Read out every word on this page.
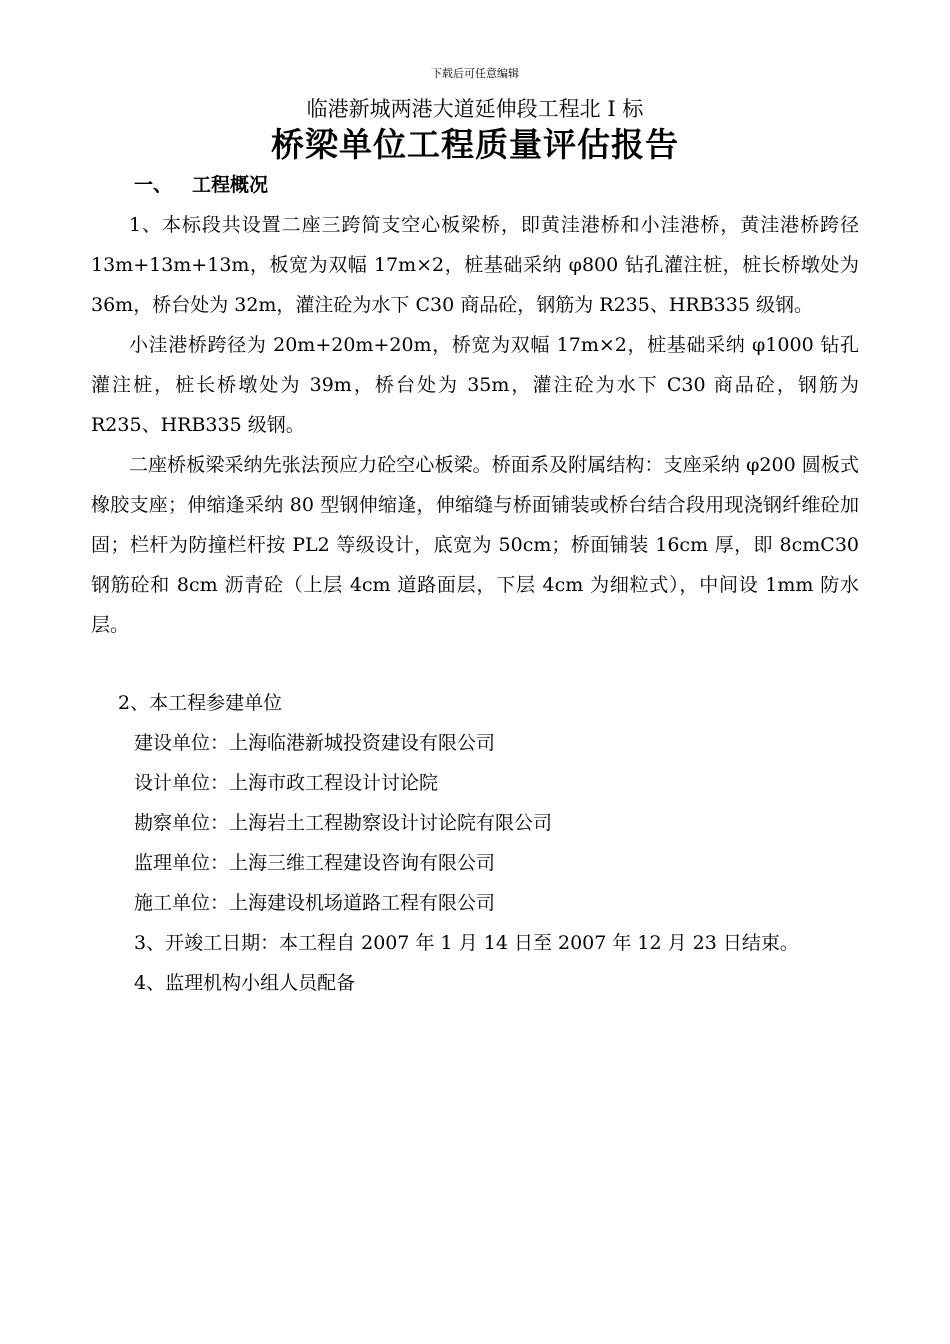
下载后可任意编辑
临港新城两港大道延伸段工程北 I 标
桥梁单位工程质量评估报告
一、 工程概况

1、本标段共设置二座三跨简支空心板梁桥，即黄洼港桥和小洼港桥，黄洼港桥跨径 13m+13m+13m，板宽为双幅 17m×2，桩基础采纳 φ800 钻孔灌注桩，桩长桥墩处为 36m，桥台处为 32m，灌注砼为水下 C30 商品砼，钢筋为 R235、HRB335 级钢。

小洼港桥跨径为 20m+20m+20m，桥宽为双幅 17m×2，桩基础采纳 φ1000 钻孔灌注桩，桩长桥墩处为 39m，桥台处为 35m，灌注砼为水下 C30 商品砼，钢筋为 R235、HRB335 级钢。

二座桥板梁采纳先张法预应力砼空心板梁。桥面系及附属结构：支座采纳 φ200 圆板式橡胶支座；伸缩逢采纳 80 型钢伸缩逢，伸缩缝与桥面铺装或桥台结合段用现浇钢纤维砼加固；栏杆为防撞栏杆按 PL2 等级设计，底宽为 50cm；桥面铺装 16cm 厚，即 8cmC30 钢筋砼和 8cm 沥青砼（上层 4cm 道路面层，下层 4cm 为细粒式），中间设 1mm 防水层。

2、本工程参建单位
建设单位：上海临港新城投资建设有限公司
设计单位：上海市政工程设计讨论院
勘察单位：上海岩土工程勘察设计讨论院有限公司
监理单位：上海三维工程建设咨询有限公司
施工单位：上海建设机场道路工程有限公司
3、开竣工日期：本工程自 2007 年 1 月 14 日至 2007 年 12 月 23 日结束。
4、监理机构小组人员配备
